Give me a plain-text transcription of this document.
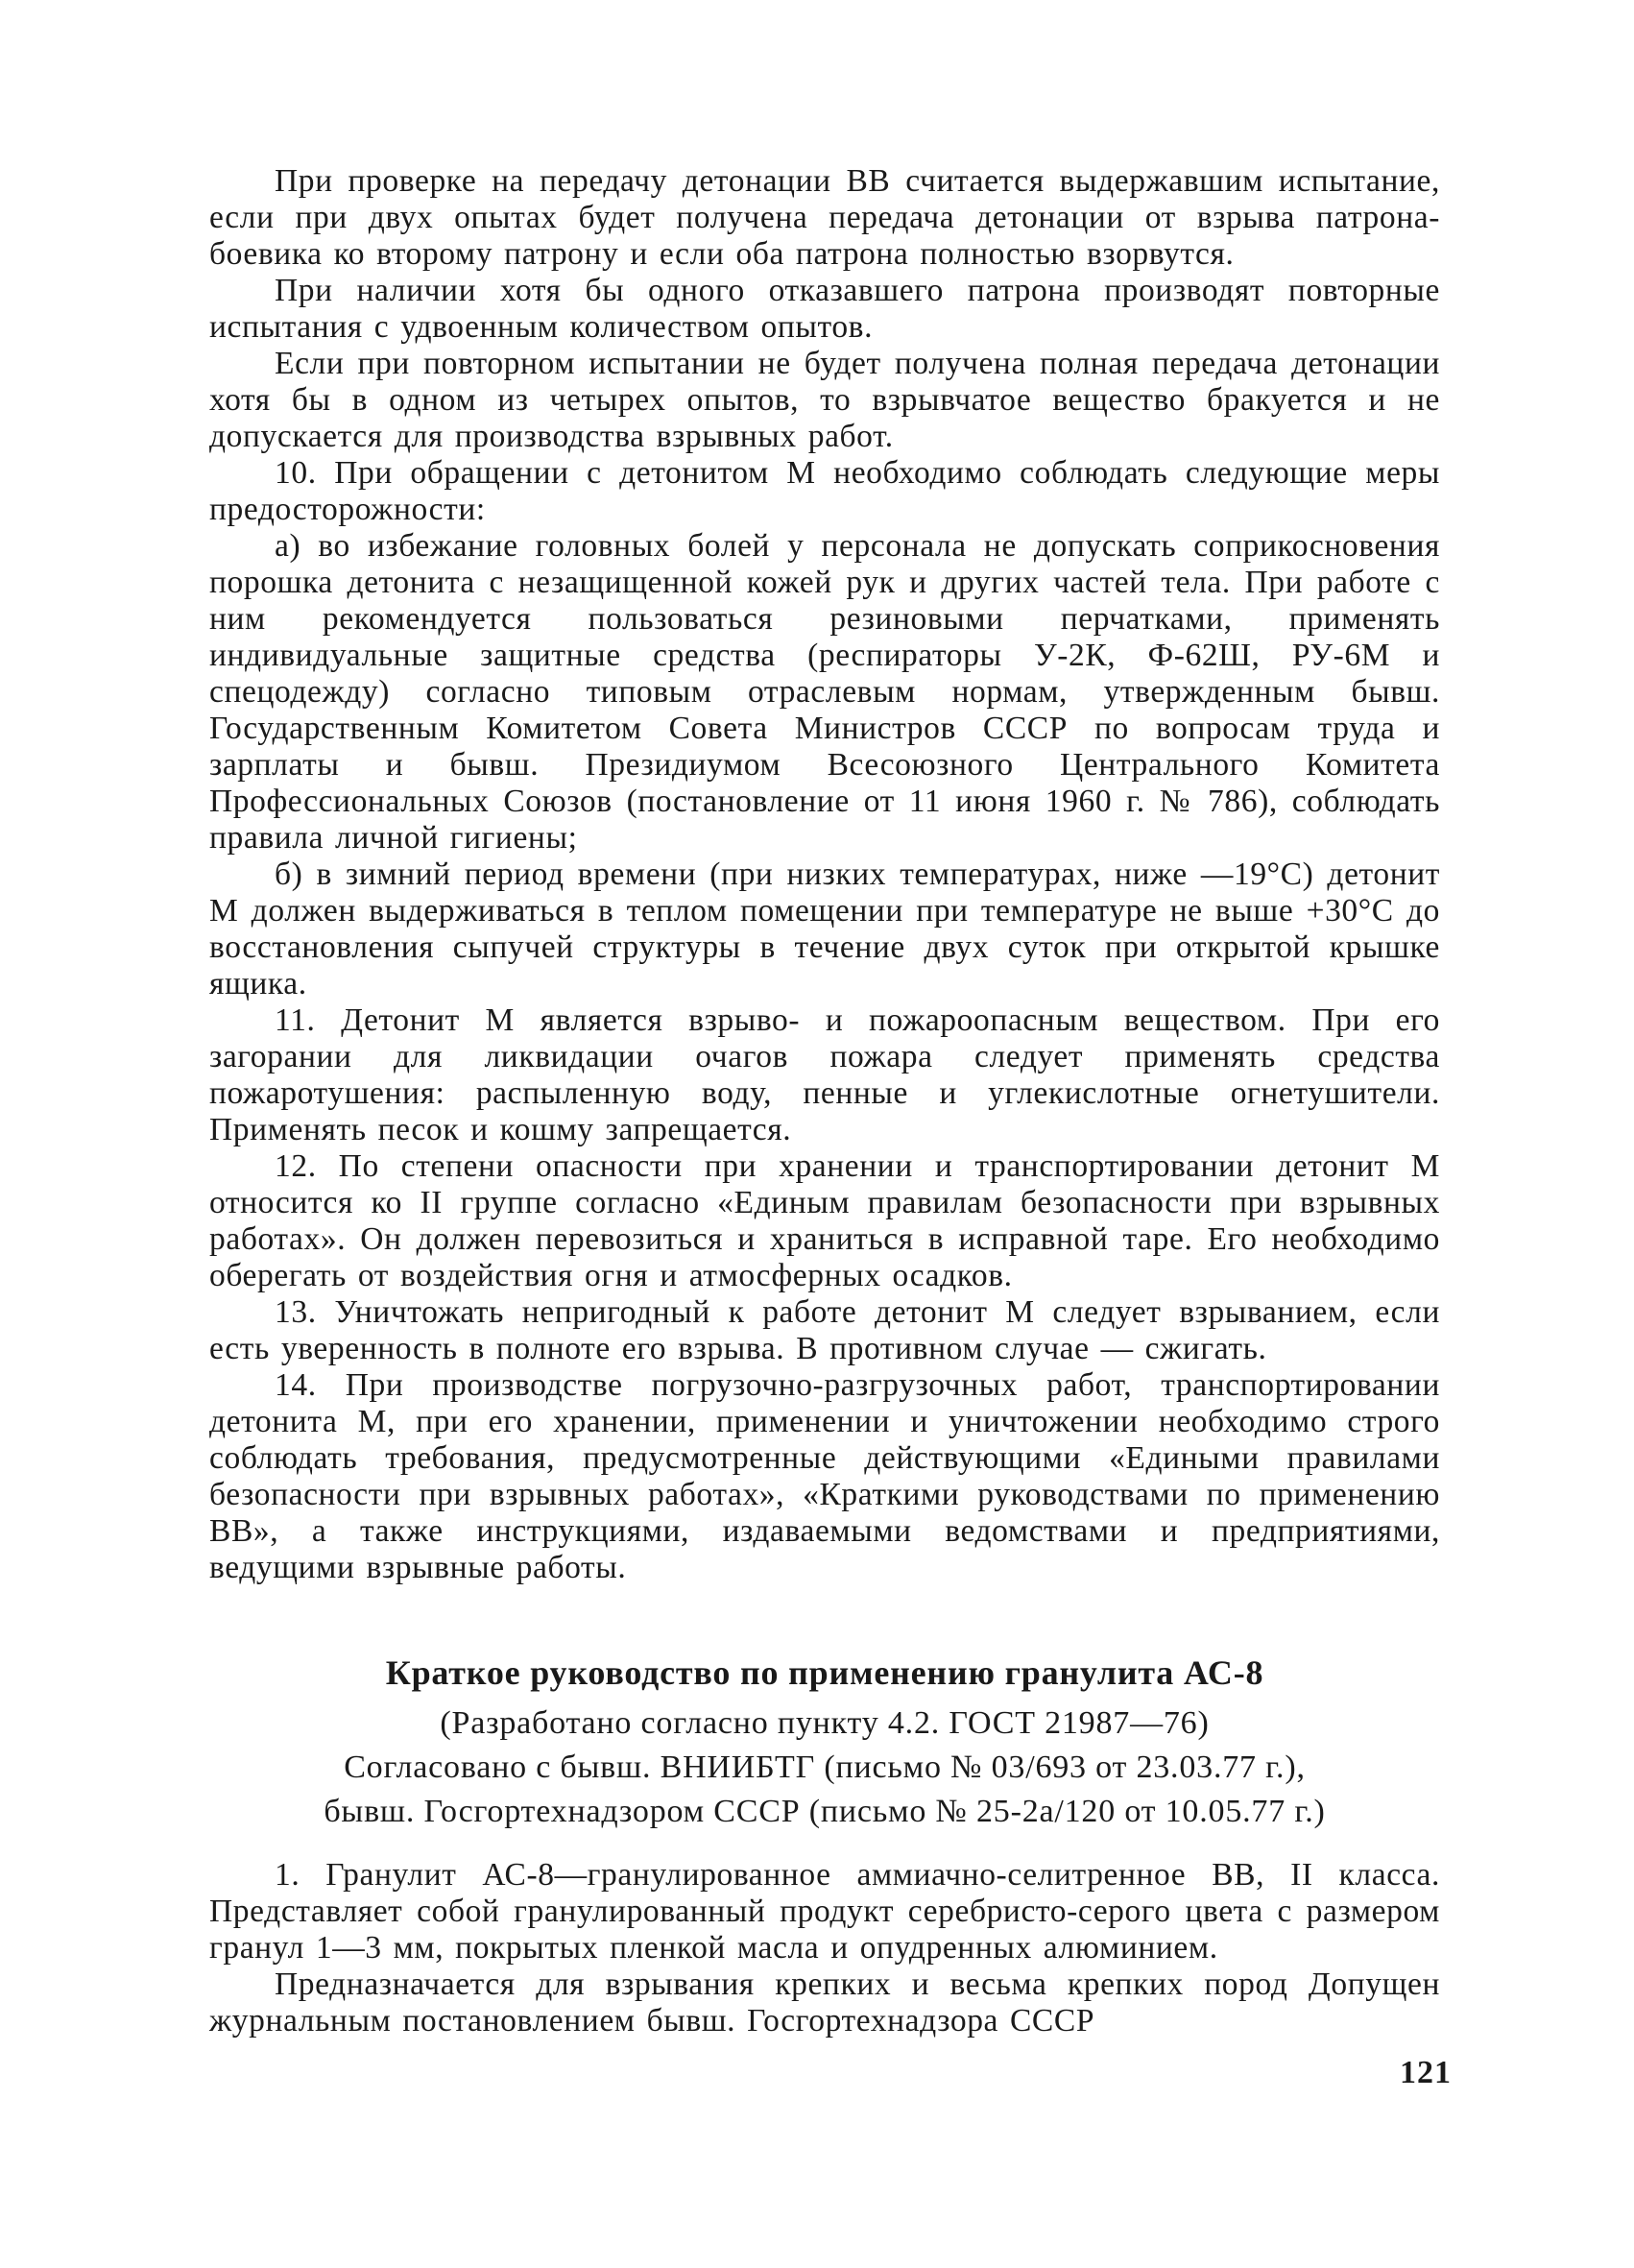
При проверке на передачу детонации ВВ считается выдержавшим испытание, если при двух опытах будет получена передача детонации от взрыва патрона-боевика ко второму патрону и если оба патрона полностью взорвутся.

При наличии хотя бы одного отказавшего патрона производят повторные испытания с удвоенным количеством опытов.

Если при повторном испытании не будет получена полная передача детонации хотя бы в одном из четырех опытов, то взрывчатое вещество бракуется и не допускается для производства взрывных работ.

10. При обращении с детонитом М необходимо соблюдать следующие меры предосторожности:

а) во избежание головных болей у персонала не допускать соприкосновения порошка детонита с незащищенной кожей рук и других частей тела. При работе с ним рекомендуется пользоваться резиновыми перчатками, применять индивидуальные защитные средства (респираторы У-2К, Ф-62Ш, РУ-6М и спецодежду) согласно типовым отраслевым нормам, утвержденным бывш. Государственным Комитетом Совета Министров СССР по вопросам труда и зарплаты и бывш. Президиумом Всесоюзного Центрального Комитета Профессиональных Союзов (постановление от 11 июня 1960 г. № 786), соблюдать правила личной гигиены;

б) в зимний период времени (при низких температурах, ниже —19°С) детонит М должен выдерживаться в теплом помещении при температуре не выше +30°С до восстановления сыпучей структуры в течение двух суток при открытой крышке ящика.

11. Детонит М является взрыво- и пожароопасным веществом. При его загорании для ликвидации очагов пожара следует применять средства пожаротушения: распыленную воду, пенные и углекислотные огнетушители. Применять песок и кошму запрещается.

12. По степени опасности при хранении и транспортировании детонит М относится ко II группе согласно «Единым правилам безопасности при взрывных работах». Он должен перевозиться и храниться в исправной таре. Его необходимо оберегать от воздействия огня и атмосферных осадков.

13. Уничтожать непригодный к работе детонит М следует взрыванием, если есть уверенность в полноте его взрыва. В противном случае — сжигать.

14. При производстве погрузочно-разгрузочных работ, транспортировании детонита М, при его хранении, применении и уничтожении необходимо строго соблюдать требования, предусмотренные действующими «Едиными правилами безопасности при взрывных работах», «Краткими руководствами по применению ВВ», а также инструкциями, издаваемыми ведомствами и предприятиями, ведущими взрывные работы.

Краткое руководство по применению гранулита АС-8

(Разработано согласно пункту 4.2. ГОСТ 21987—76)

Согласовано с бывш. ВНИИБТГ (письмо № 03/693 от 23.03.77 г.),

бывш. Госгортехнадзором СССР (письмо № 25-2а/120 от 10.05.77 г.)

1. Гранулит АС-8—гранулированное аммиачно-селитренное ВВ, II класса. Представляет собой гранулированный продукт серебристо-серого цвета с размером гранул 1—3 мм, покрытых пленкой масла и опудренных алюминием.

Предназначается для взрывания крепких и весьма крепких пород Допущен журнальным постановлением бывш. Госгортехнадзора СССР

121
